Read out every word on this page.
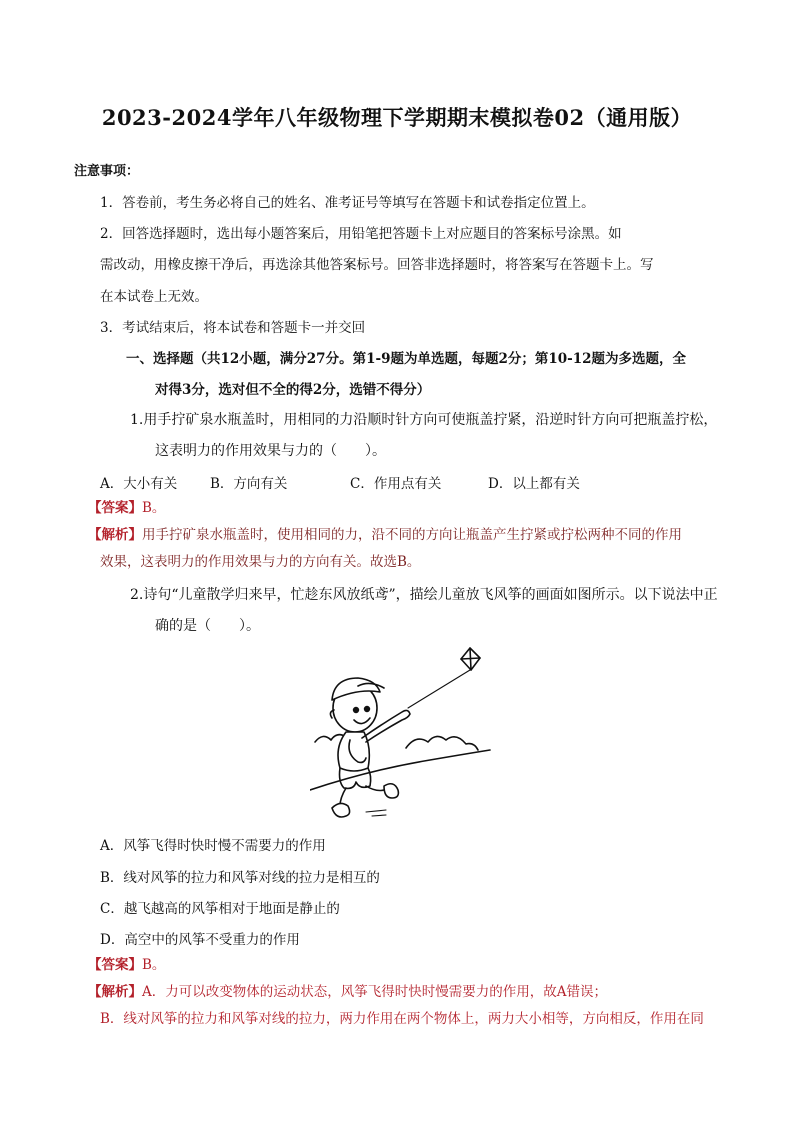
2023-2024学年八年级物理下学期期末模拟卷02（通用版）
注意事项：
1．答卷前，考生务必将自己的姓名、准考证号等填写在答题卡和试卷指定位置上。
2．回答选择题时，选出每小题答案后，用铅笔把答题卡上对应题目的答案标号涂黑。如
需改动，用橡皮擦干净后，再选涂其他答案标号。回答非选择题时，将答案写在答题卡上。写
在本试卷上无效。
3．考试结束后，将本试卷和答题卡一并交回
一、选择题（共12小题，满分27分。第1-9题为单选题，每题2分；第10-12题为多选题，全
对得3分，选对但不全的得2分，选错不得分）
1.用手拧矿泉水瓶盖时，用相同的力沿顺时针方向可使瓶盖拧紧，沿逆时针方向可把瓶盖拧松，
这表明力的作用效果与力的（　　）。
A．大小有关 B．方向有关	C．作用点有关	D．以上都有关
【答案】B。
【解析】用手拧矿泉水瓶盖时，使用相同的力，沿不同的方向让瓶盖产生拧紧或拧松两种不同的作用
效果，这表明力的作用效果与力的方向有关。故选B。
2.诗句“儿童散学归来早，忙趁东风放纸鸢”，描绘儿童放飞风筝的画面如图所示。以下说法中正
确的是（　　）。
A．风筝飞得时快时慢不需要力的作用
B．线对风筝的拉力和风筝对线的拉力是相互的
C．越飞越高的风筝相对于地面是静止的
D．高空中的风筝不受重力的作用
【答案】B。
【解析】A．力可以改变物体的运动状态，风筝飞得时快时慢需要力的作用，故A错误；
B．线对风筝的拉力和风筝对线的拉力，两力作用在两个物体上，两力大小相等，方向相反，作用在同
